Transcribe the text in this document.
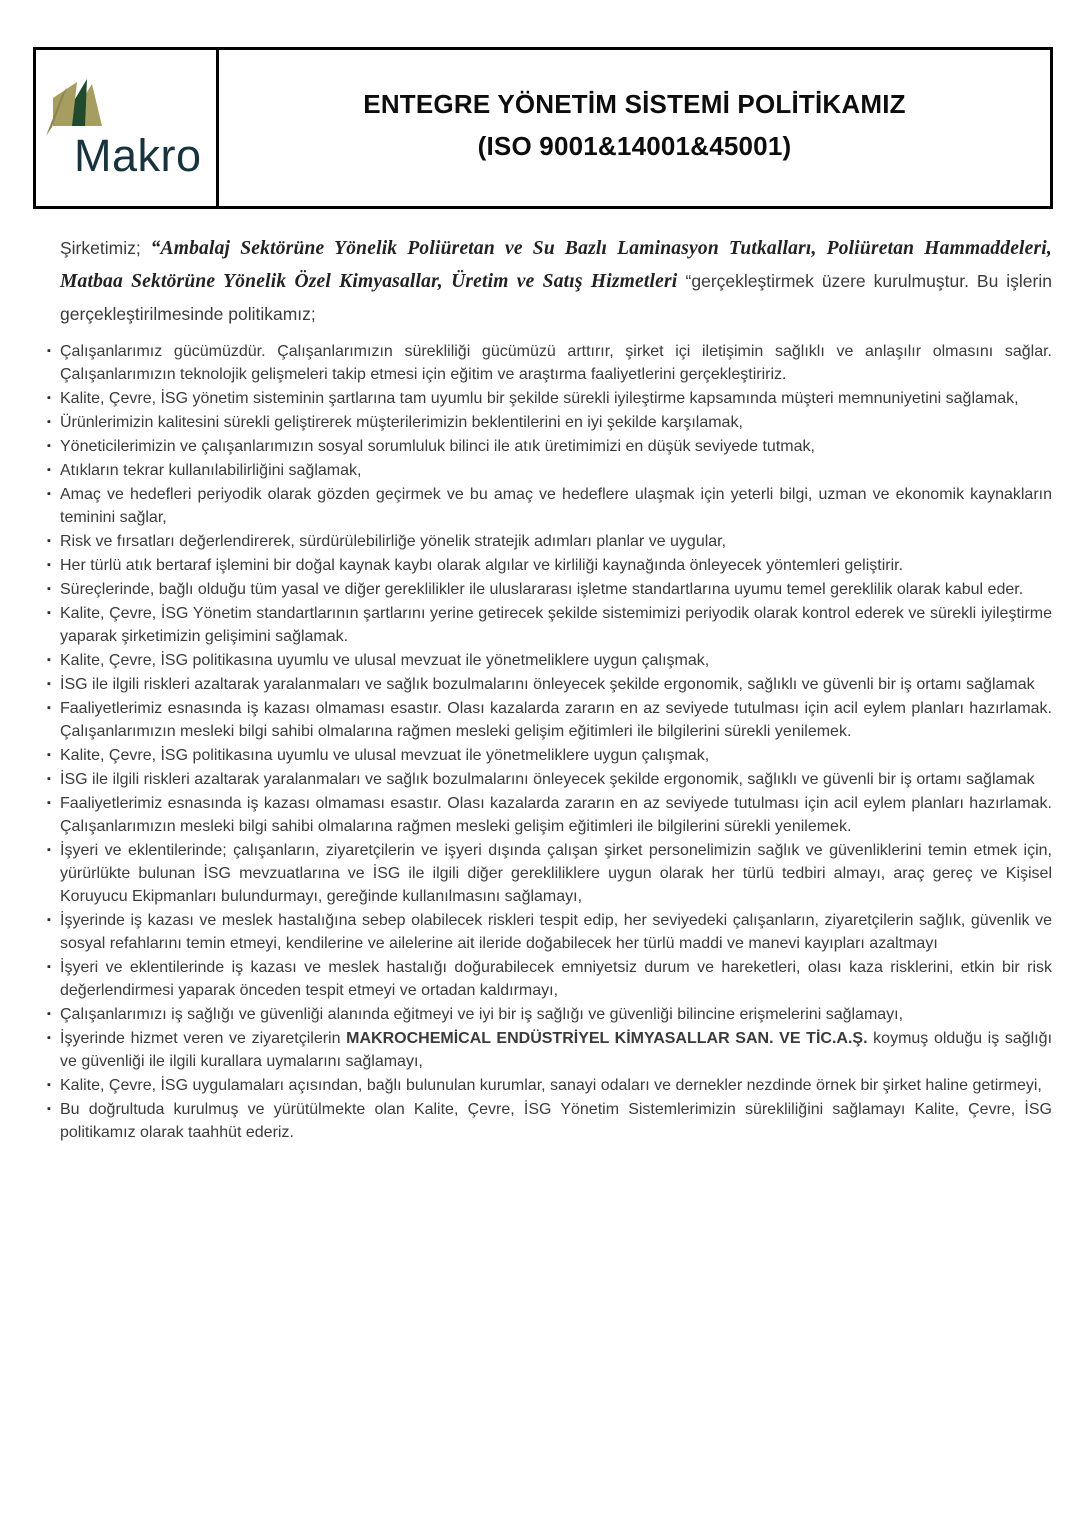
Makro
ENTEGRE YÖNETİM SİSTEMİ POLİTİKAMIZ
(ISO 9001&14001&45001)

Şirketimiz; “Ambalaj Sektörüne Yönelik Poliüretan ve Su Bazlı Laminasyon Tutkalları, Poliüretan Hammaddeleri, Matbaa Sektörüne Yönelik Özel Kimyasallar, Üretim ve Satış Hizmetleri “gerçekleştirmek üzere kurulmuştur. Bu işlerin gerçekleştirilmesinde politikamız;

▪ Çalışanlarımız gücümüzdür. Çalışanlarımızın sürekliliği gücümüzü arttırır, şirket içi iletişimin sağlıklı ve anlaşılır olmasını sağlar. Çalışanlarımızın teknolojik gelişmeleri takip etmesi için eğitim ve araştırma faaliyetlerini gerçekleştiririz.
▪ Kalite, Çevre, İSG yönetim sisteminin şartlarına tam uyumlu bir şekilde sürekli iyileştirme kapsamında müşteri memnuniyetini sağlamak,
▪ Ürünlerimizin kalitesini sürekli geliştirerek müşterilerimizin beklentilerini en iyi şekilde karşılamak,
▪ Yöneticilerimizin ve çalışanlarımızın sosyal sorumluluk bilinci ile atık üretimimizi en düşük seviyede tutmak,
▪ Atıkların tekrar kullanılabilirliğini sağlamak,
▪ Amaç ve hedefleri periyodik olarak gözden geçirmek ve bu amaç ve hedeflere ulaşmak için yeterli bilgi, uzman ve ekonomik kaynakların teminini sağlar,
▪ Risk ve fırsatları değerlendirerek, sürdürülebilirliğe yönelik stratejik adımları planlar ve uygular,
▪ Her türlü atık bertaraf işlemini bir doğal kaynak kaybı olarak algılar ve kirliliği kaynağında önleyecek yöntemleri geliştirir.
▪ Süreçlerinde, bağlı olduğu tüm yasal ve diğer gereklilikler ile uluslararası işletme standartlarına uyumu temel gereklilik olarak kabul eder.
▪ Kalite, Çevre, İSG Yönetim standartlarının şartlarını yerine getirecek şekilde sistemimizi periyodik olarak kontrol ederek ve sürekli iyileştirme yaparak şirketimizin gelişimini sağlamak.
▪ Kalite, Çevre, İSG politikasına uyumlu ve ulusal mevzuat ile yönetmeliklere uygun çalışmak,
▪ İSG ile ilgili riskleri azaltarak yaralanmaları ve sağlık bozulmalarını önleyecek şekilde ergonomik, sağlıklı ve güvenli bir iş ortamı sağlamak
▪ Faaliyetlerimiz esnasında iş kazası olmaması esastır. Olası kazalarda zararın en az seviyede tutulması için acil eylem planları hazırlamak. Çalışanlarımızın mesleki bilgi sahibi olmalarına rağmen mesleki gelişim eğitimleri ile bilgilerini sürekli yenilemek.
▪ Kalite, Çevre, İSG politikasına uyumlu ve ulusal mevzuat ile yönetmeliklere uygun çalışmak,
▪ İSG ile ilgili riskleri azaltarak yaralanmaları ve sağlık bozulmalarını önleyecek şekilde ergonomik, sağlıklı ve güvenli bir iş ortamı sağlamak
▪ Faaliyetlerimiz esnasında iş kazası olmaması esastır. Olası kazalarda zararın en az seviyede tutulması için acil eylem planları hazırlamak. Çalışanlarımızın mesleki bilgi sahibi olmalarına rağmen mesleki gelişim eğitimleri ile bilgilerini sürekli yenilemek.
▪ İşyeri ve eklentilerinde; çalışanların, ziyaretçilerin ve işyeri dışında çalışan şirket personelimizin sağlık ve güvenliklerini temin etmek için, yürürlükte bulunan İSG mevzuatlarına ve İSG ile ilgili diğer gerekliliklere uygun olarak her türlü tedbiri almayı, araç gereç ve Kişisel Koruyucu Ekipmanları bulundurmayı, gereğinde kullanılmasını sağlamayı,
▪ İşyerinde iş kazası ve meslek hastalığına sebep olabilecek riskleri tespit edip, her seviyedeki çalışanların, ziyaretçilerin sağlık, güvenlik ve sosyal refahlarını temin etmeyi, kendilerine ve ailelerine ait ileride doğabilecek her türlü maddi ve manevi kayıpları azaltmayı
▪ İşyeri ve eklentilerinde iş kazası ve meslek hastalığı doğurabilecek emniyetsiz durum ve hareketleri, olası kaza risklerini, etkin bir risk değerlendirmesi yaparak önceden tespit etmeyi ve ortadan kaldırmayı,
▪ Çalışanlarımızı iş sağlığı ve güvenliği alanında eğitmeyi ve iyi bir iş sağlığı ve güvenliği bilincine erişmelerini sağlamayı,
▪ İşyerinde hizmet veren ve ziyaretçilerin MAKROCHEMİCAL ENDÜSTRİYEL KİMYASALLAR SAN. VE TİC.A.Ş. koymuş olduğu iş sağlığı ve güvenliği ile ilgili kurallara uymalarını sağlamayı,
▪ Kalite, Çevre, İSG uygulamaları açısından, bağlı bulunulan kurumlar, sanayi odaları ve dernekler nezdinde örnek bir şirket haline getirmeyi,
▪ Bu doğrultuda kurulmuş ve yürütülmekte olan Kalite, Çevre, İSG Yönetim Sistemlerimizin sürekliliğini sağlamayı Kalite, Çevre, İSG politikamız olarak taahhüt ederiz.
